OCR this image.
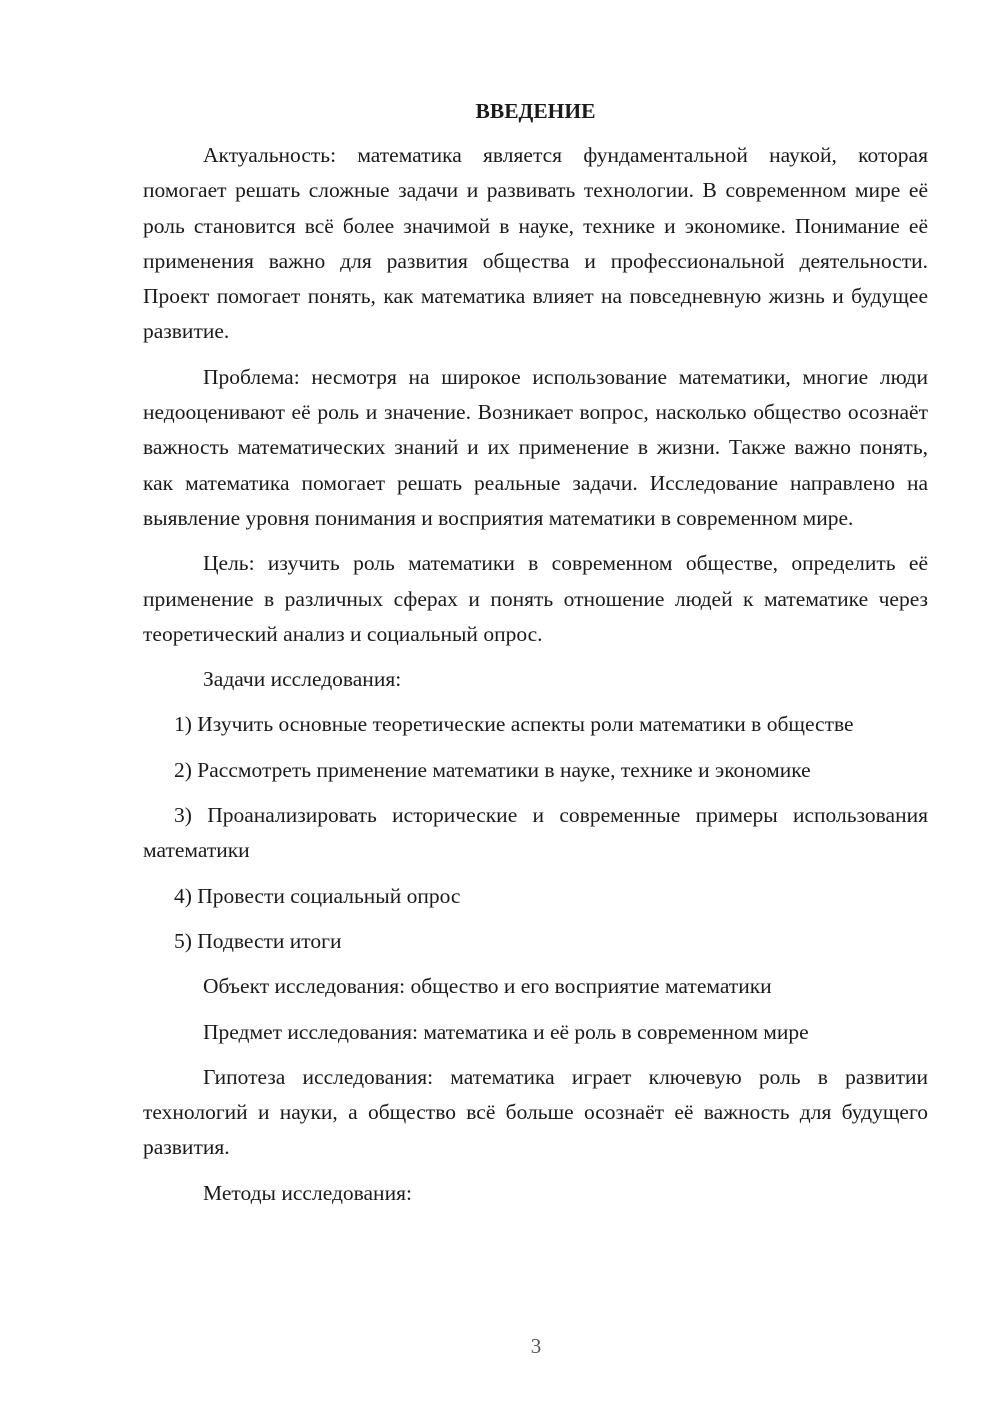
ВВЕДЕНИЕ

Актуальность: математика является фундаментальной наукой, которая помогает решать сложные задачи и развивать технологии. В современном мире её роль становится всё более значимой в науке, технике и экономике. Понимание её применения важно для развития общества и профессиональной деятельности. Проект помогает понять, как математика влияет на повседневную жизнь и будущее развитие.

Проблема: несмотря на широкое использование математики, многие люди недооценивают её роль и значение. Возникает вопрос, насколько общество осознаёт важность математических знаний и их применение в жизни. Также важно понять, как математика помогает решать реальные задачи. Исследование направлено на выявление уровня понимания и восприятия математики в современном мире.

Цель: изучить роль математики в современном обществе, определить её применение в различных сферах и понять отношение людей к математике через теоретический анализ и социальный опрос.

Задачи исследования:

1) Изучить основные теоретические аспекты роли математики в обществе

2) Рассмотреть применение математики в науке, технике и экономике

3) Проанализировать исторические и современные примеры использования математики

4) Провести социальный опрос

5) Подвести итоги

Объект исследования: общество и его восприятие математики

Предмет исследования: математика и её роль в современном мире

Гипотеза исследования: математика играет ключевую роль в развитии технологий и науки, а общество всё больше осознаёт её важность для будущего развития.

Методы исследования:

3
